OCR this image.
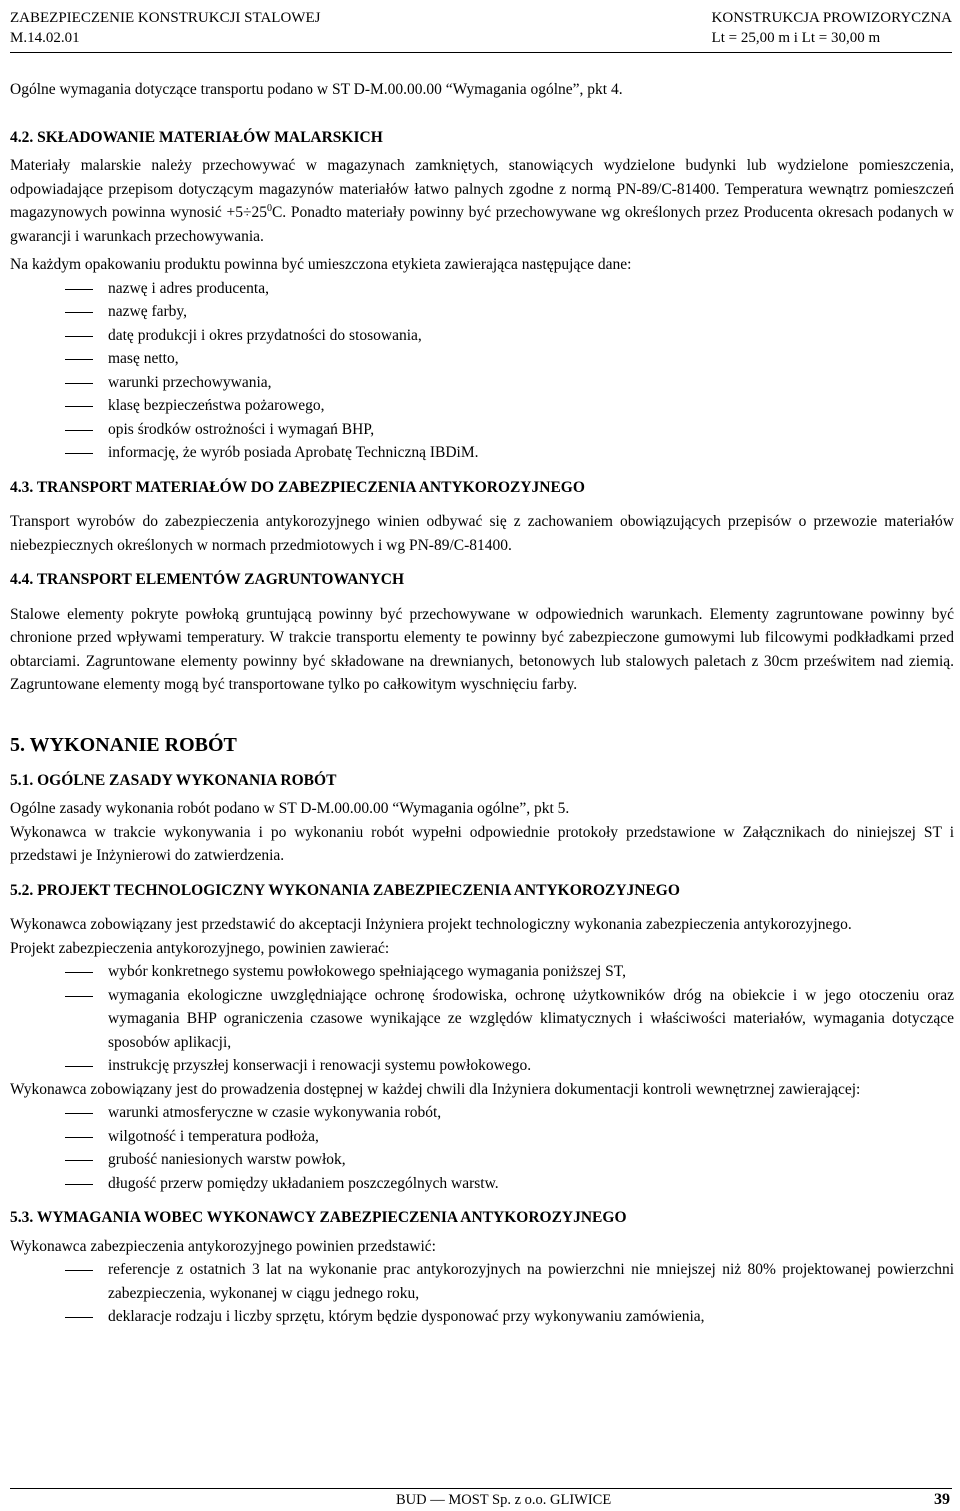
ZABEZPIECZENIE KONSTRUKCJI STALOWEJ
M.14.02.01
KONSTRUKCJA PROWIZORYCZNA
Lt = 25,00 m i Lt = 30,00 m

Ogólne wymagania dotyczące transportu podano w ST D-M.00.00.00 “Wymagania ogólne”, pkt 4.

4.2. SKŁADOWANIE MATERIAŁÓW MALARSKICH

Materiały malarskie należy przechowywać w magazynach zamkniętych, stanowiących wydzielone budynki lub wydzielone pomieszczenia, odpowiadające przepisom dotyczącym magazynów materiałów łatwo palnych zgodne z normą PN-89/C-81400. Temperatura wewnątrz pomieszczeń magazynowych powinna wynosić $+5\div 25^0C$. Ponadto materiały powinny być przechowywane wg określonych przez Producenta okresach podanych w gwarancji i warunkach przechowywania.

Na każdym opakowaniu produktu powinna być umieszczona etykieta zawierająca następujące dane:

nazwę i adres producenta,
nazwę farby,
datę produkcji i okres przydatności do stosowania,
masę netto,
warunki przechowywania,
klasę bezpieczeństwa pożarowego,
opis środków ostrożności i wymagań BHP,
informację, że wyrób posiada Aprobatę Techniczną IBDiM.
4.3. TRANSPORT MATERIAŁÓW DO ZABEZPIECZENIA ANTYKOROZYJNEGO

Transport wyrobów do zabezpieczenia antykorozyjnego winien odbywać się z zachowaniem obowiązujących przepisów o przewozie materiałów niebezpiecznych określonych w normach przedmiotowych i wg PN-89/C-81400.

4.4. TRANSPORT ELEMENTÓW ZAGRUNTOWANYCH

Stalowe elementy pokryte powłoką gruntującą powinny być przechowywane w odpowiednich warunkach. Elementy zagruntowane powinny być chronione przed wpływami temperatury. W trakcie transportu elementy te powinny być zabezpieczone gumowymi lub filcowymi podkładkami przed obtarciami. Zagruntowane elementy powinny być składowane na drewnianych, betonowych lub stalowych paletach z 30cm prześwitem nad ziemią. Zagruntowane elementy mogą być transportowane tylko po całkowitym wyschnięciu farby.

5. WYKONANIE ROBÓT
5.1. OGÓLNE ZASADY WYKONANIA ROBÓT

Ogólne zasady wykonania robót podano w ST D-M.00.00.00 “Wymagania ogólne”, pkt 5.

Wykonawca w trakcie wykonywania i po wykonaniu robót wypełni odpowiednie protokoły przedstawione w Załącznikach do niniejszej ST i przedstawi je Inżynierowi do zatwierdzenia.

5.2. PROJEKT TECHNOLOGICZNY WYKONANIA ZABEZPIECZENIA ANTYKOROZYJNEGO

Wykonawca zobowiązany jest przedstawić do akceptacji Inżyniera projekt technologiczny wykonania zabezpieczenia antykorozyjnego.

Projekt zabezpieczenia antykorozyjnego, powinien zawierać:

wybór konkretnego systemu powłokowego spełniającego wymagania poniższej ST,
wymagania ekologiczne uwzględniające ochronę środowiska, ochronę użytkowników dróg na obiekcie i w jego otoczeniu oraz wymagania BHP ograniczenia czasowe wynikające ze względów klimatycznych i właściwości materiałów, wymagania dotyczące sposobów aplikacji,
instrukcję przyszłej konserwacji i renowacji systemu powłokowego.

Wykonawca zobowiązany jest do prowadzenia dostępnej w każdej chwili dla Inżyniera dokumentacji kontroli wewnętrznej zawierającej:

warunki atmosferyczne w czasie wykonywania robót,
wilgotność i temperatura podłoża,
grubość naniesionych warstw powłok,
długość przerw pomiędzy układaniem poszczególnych warstw.
5.3. WYMAGANIA WOBEC WYKONAWCY ZABEZPIECZENIA ANTYKOROZYJNEGO

Wykonawca zabezpieczenia antykorozyjnego powinien przedstawić:

referencje z ostatnich 3 lat na wykonanie prac antykorozyjnych na powierzchni nie mniejszej niż 80% projektowanej powierzchni zabezpieczenia, wykonanej w ciągu jednego roku,
deklaracje rodzaju i liczby sprzętu, którym będzie dysponować przy wykonywaniu zamówienia,
BUD — MOST Sp. z o.o. GLIWICE	39
